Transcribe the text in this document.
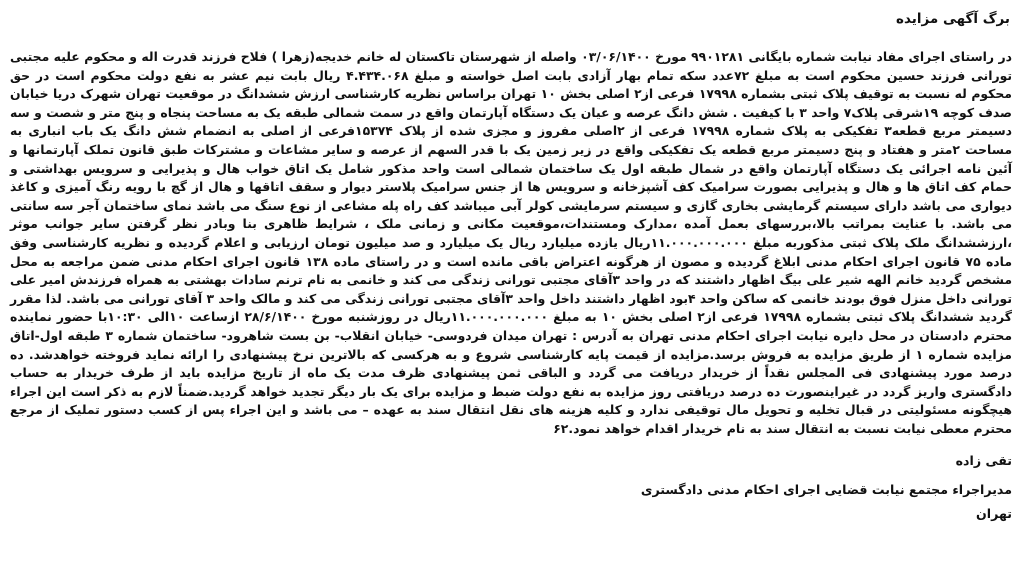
برگ آگهی مزایده

در راستای اجرای مفاد نیابت شماره بایگانی ۹۹۰۱۲۸۱ مورخ ۰۳/۰۶/۱۴۰۰ واصله از شهرستان تاکستان له خانم خدیجه(زهرا ) فلاح فرزند قدرت اله و محکوم علیه مجتبی تورانی فرزند حسین محکوم است به مبلغ ۷۲عدد سکه تمام بهار آزادی بابت اصل خواسته و مبلغ ۴.۴۳۴.۰۶۸ ریال بابت نیم عشر به نفع دولت محکوم است در حق محکوم له نسبت به توقیف پلاک ثبتی بشماره ۱۷۹۹۸ فرعی از۲ اصلی بخش ۱۰ تهران براساس نظریه کارشناسی ارزش ششدانگ در موقعیت تهران شهرک دریا خیابان صدف کوچه ۱۹شرقی پلاک۷ واحد ۳ با کیفیت . شش دانگ عرصه و عیان یک دستگاه آپارتمان واقع در سمت شمالی طبقه یک به مساحت پنجاه و پنج متر و شصت و سه دسیمتر مربع قطعه۳ تفکیکی به پلاک شماره ۱۷۹۹۸ فرعی از ۲اصلی مفروز و مجزی شده از پلاک ۱۵۳۷۴فرعی از اصلی به انضمام شش دانگ یک باب انباری به مساحت ۲متر و هفتاد و پنج دسیمتر مربع قطعه یک تفکیکی واقع در زیر زمین یک با قدر السهم از عرصه و سایر مشاعات و مشترکات طبق قانون تملک آپارتمانها و آئین نامه اجرائی یک دستگاه آپارتمان واقع در شمال طبقه اول یک ساختمان شمالی است واحد مذکور شامل یک اتاق خواب هال و پذیرایی و سرویس بهداشتی و حمام کف اتاق ها و هال و پذیرایی بصورت سرامیک کف آشپزخانه و سرویس ها از جنس سرامیک پلاستر دیوار و سقف اتاقها و هال از گچ با رویه رنگ آمیزی و کاغذ دیواری می باشد دارای سیستم گرمایشی بخاری گازی و سیستم سرمایشی کولر آبی میباشد کف راه پله مشاعی از نوع سنگ می باشد نمای ساختمان آجر سه سانتی می باشد. با عنایت بمراتب بالا،بررسهای بعمل آمده ،مدارک ومستندات،موقعیت مکانی و زمانی ملک ، شرایط ظاهری بنا وبادر نظر گرفتن سایر جوانب موثر ،ارزششدانگ ملک پلاک ثبتی مذکوربه مبلغ ۱۱.۰۰۰.۰۰۰.۰۰۰ریال یازده میلیارد ریال یک میلیارد و صد میلیون تومان ارزیابی و اعلام گردیده و نظریه کارشناسی وفق ماده ۷۵ قانون اجرای احکام مدنی ابلاغ گردیده و مصون از هرگونه اعتراض باقی مانده است و در راستای ماده ۱۳۸ قانون اجرای احکام مدنی ضمن مراجعه به محل مشخص گردید خانم الهه شیر علی بیگ اظهار داشتند که در واحد ۳آقای مجتبی تورانی زندگی می کند و خانمی به نام ترنم سادات بهشتی به همراه فرزندش امیر علی تورانی داخل منزل فوق بودند خانمی که ساکن واحد ۴بود اظهار داشتند داخل واحد ۳آقای مجتبی تورانی زندگی می کند و مالک واحد ۳ آقای تورانی می باشد. لذا مقرر گردید ششدانگ پلاک ثبتی بشماره ۱۷۹۹۸ فرعی از۲ اصلی بخش ۱۰ به مبلغ ۱۱.۰۰۰.۰۰۰.۰۰۰ریال در روزشنبه مورخ ۲۸/۶/۱۴۰۰ ازساعت ۱۰الی ۱۰:۳۰با حضور نماینده محترم دادستان در محل دایره نیابت اجرای احکام مدنی تهران به آدرس : تهران میدان فردوسی- خیابان انقلاب- بن بست شاهرود- ساختمان شماره ۳ طبقه اول-اتاق مزایده شماره ۱ از طریق مزایده به فروش برسد.مزایده از قیمت پایه کارشناسی شروع و به هرکسی که بالاترین نرخ پیشنهادی را ارائه نماید فروخته خواهدشد. ده درصد مورد پیشنهادی فی المجلس نقداً از خریدار دریافت می گردد و الباقی ثمن پیشنهادی ظرف مدت یک ماه از تاریخ مزایده باید از طرف خریدار به حساب دادگستری واریز گردد در غیراینصورت ده درصد دریافتی روز مزایده به نفع دولت ضبط و مزایده برای یک بار دیگر تجدید خواهد گردید.ضمناً لازم به ذکر است این اجراء هیچگونه مسئولیتی در قبال تخلیه و تحویل مال توقیفی ندارد و کلیه هزینه های نقل انتقال سند به عهده – می باشد و این اجراء پس از کسب دستور تملیک از مرجع محترم معطی نیابت نسبت به انتقال سند به نام خریدار اقدام خواهد نمود.۶۲

تقی زاده
مدیراجراء مجتمع نیابت قضایی اجرای احکام مدنی دادگستری
تهران
